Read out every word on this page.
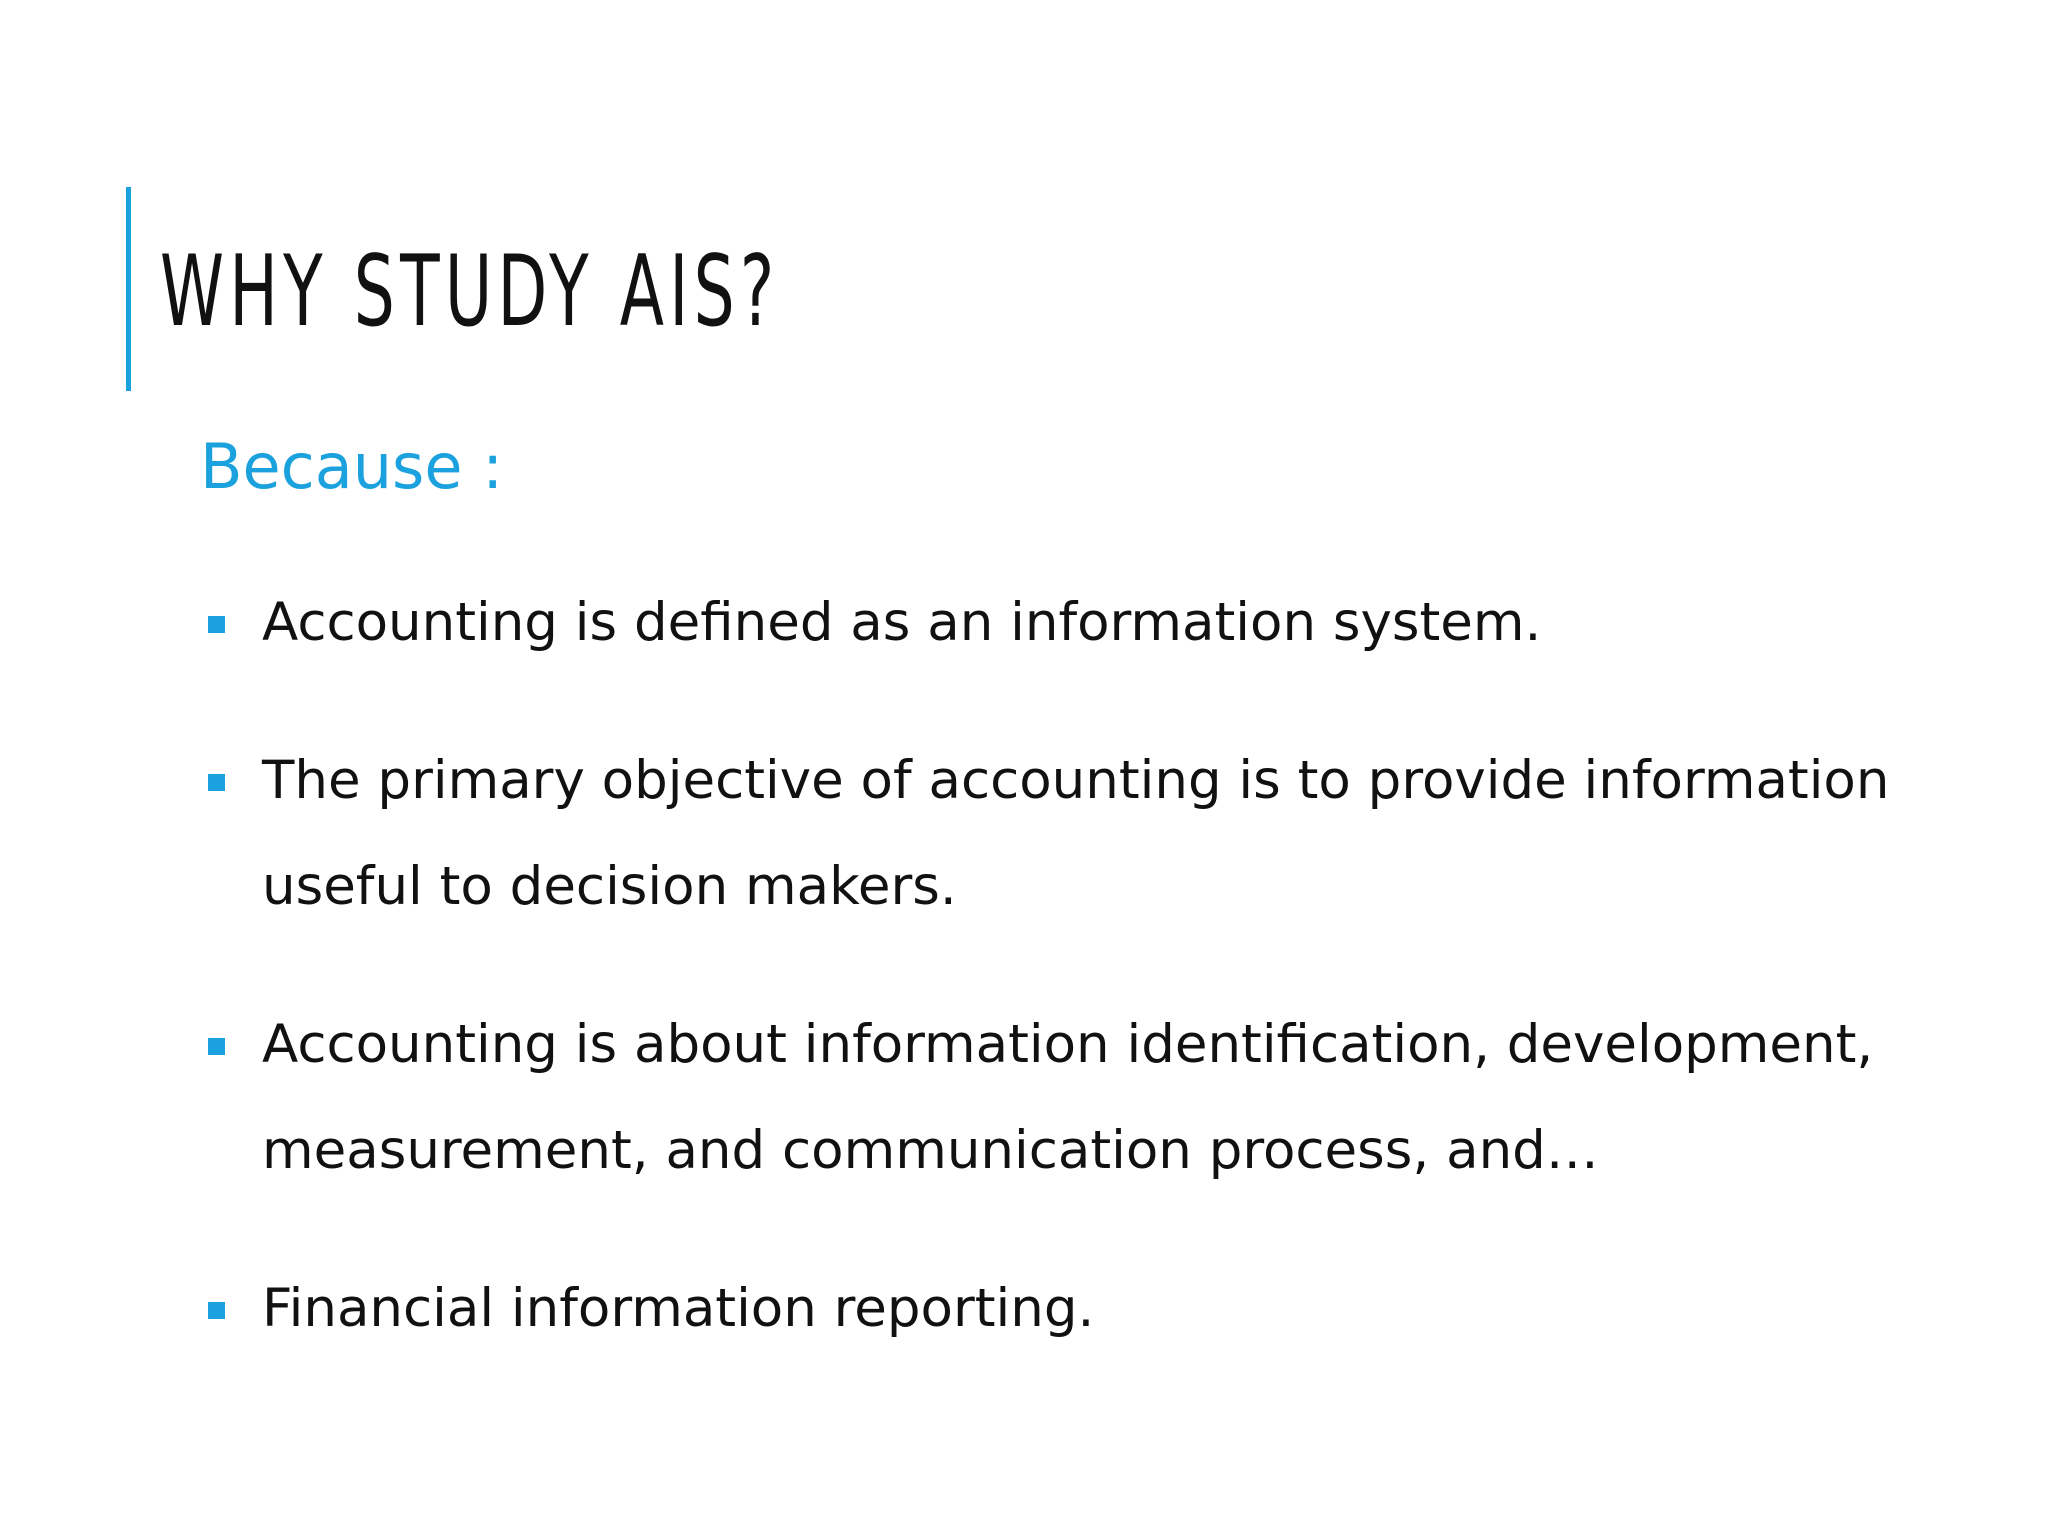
WHY STUDY AIS?
Because :
Accounting is defined as an information system.
The primary objective of accounting is to provide information useful to decision makers.
Accounting is about information identification, development, measurement, and communication process, and…
Financial information reporting.
